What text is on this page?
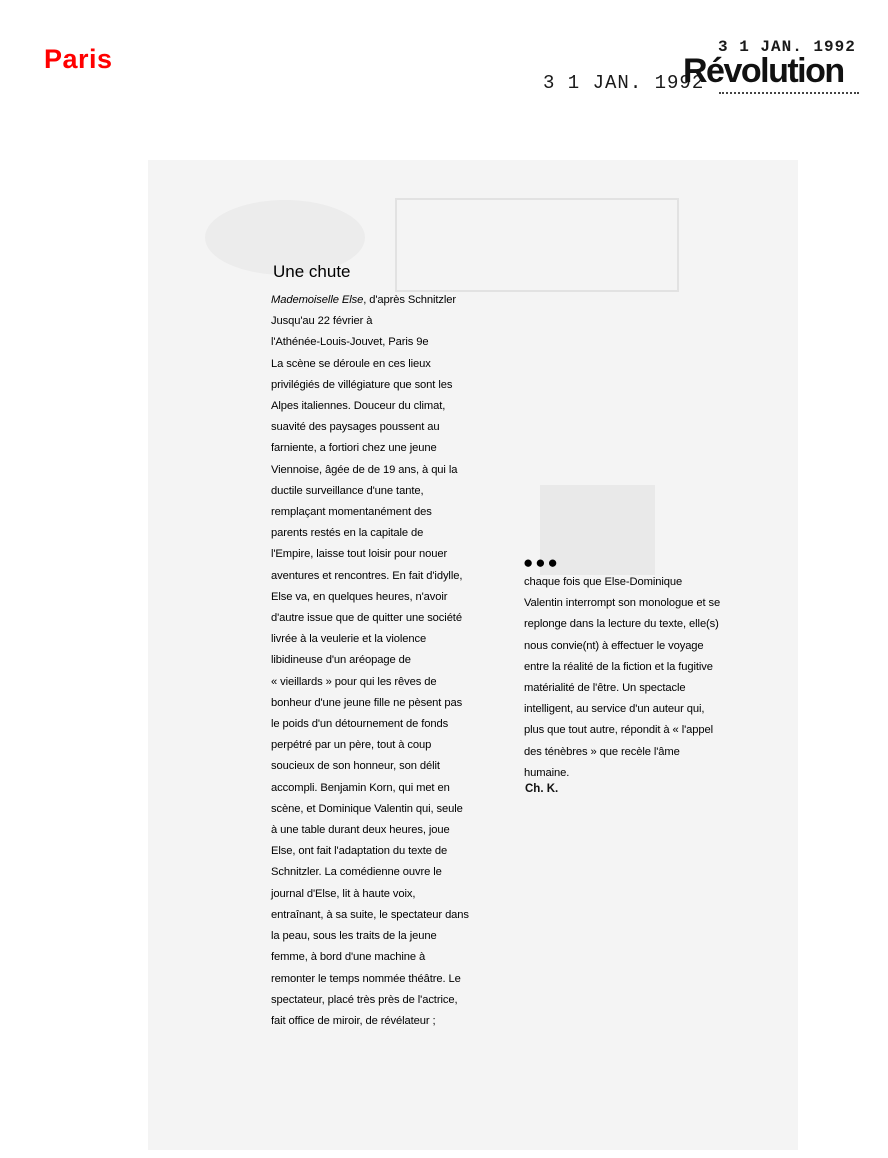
Paris	3 1 JAN. 1992
3 1 JAN. 1992
Révolution
Une chute
Mademoiselle Else, d'après Schnitzler
Jusqu'au 22 février à
l'Athénée-Louis-Jouvet, Paris 9e
La scène se déroule en ces lieux
privilégiés de villégiature que sont les
Alpes italiennes. Douceur du climat,
suavité des paysages poussent au
farniente, a fortiori chez une jeune
Viennoise, âgée de de 19 ans, à qui la
ductile surveillance d'une tante,
remplaçant momentanément des
parents restés en la capitale de
l'Empire, laisse tout loisir pour nouer
aventures et rencontres. En fait d'idylle,
Else va, en quelques heures, n'avoir
d'autre issue que de quitter une société
livrée à la veulerie et la violence
libidineuse d'un aréopage de
« vieillards » pour qui les rêves de
bonheur d'une jeune fille ne pèsent pas
le poids d'un détournement de fonds
perpétré par un père, tout à coup
soucieux de son honneur, son délit
accompli. Benjamin Korn, qui met en
scène, et Dominique Valentin qui, seule
à une table durant deux heures, joue
Else, ont fait l'adaptation du texte de
Schnitzler. La comédienne ouvre le
journal d'Else, lit à haute voix,
entraînant, à sa suite, le spectateur dans
la peau, sous les traits de la jeune
femme, à bord d'une machine à
remonter le temps nommée théâtre. Le
spectateur, placé très près de l'actrice,
fait office de miroir, de révélateur ;
●●●
chaque fois que Else-Dominique
Valentin interrompt son monologue et se
replonge dans la lecture du texte, elle(s)
nous convie(nt) à effectuer le voyage
entre la réalité de la fiction et la fugitive
matérialité de l'être. Un spectacle
intelligent, au service d'un auteur qui,
plus que tout autre, répondit à « l'appel
des ténèbres » que recèle l'âme
humaine.
Ch. K.
